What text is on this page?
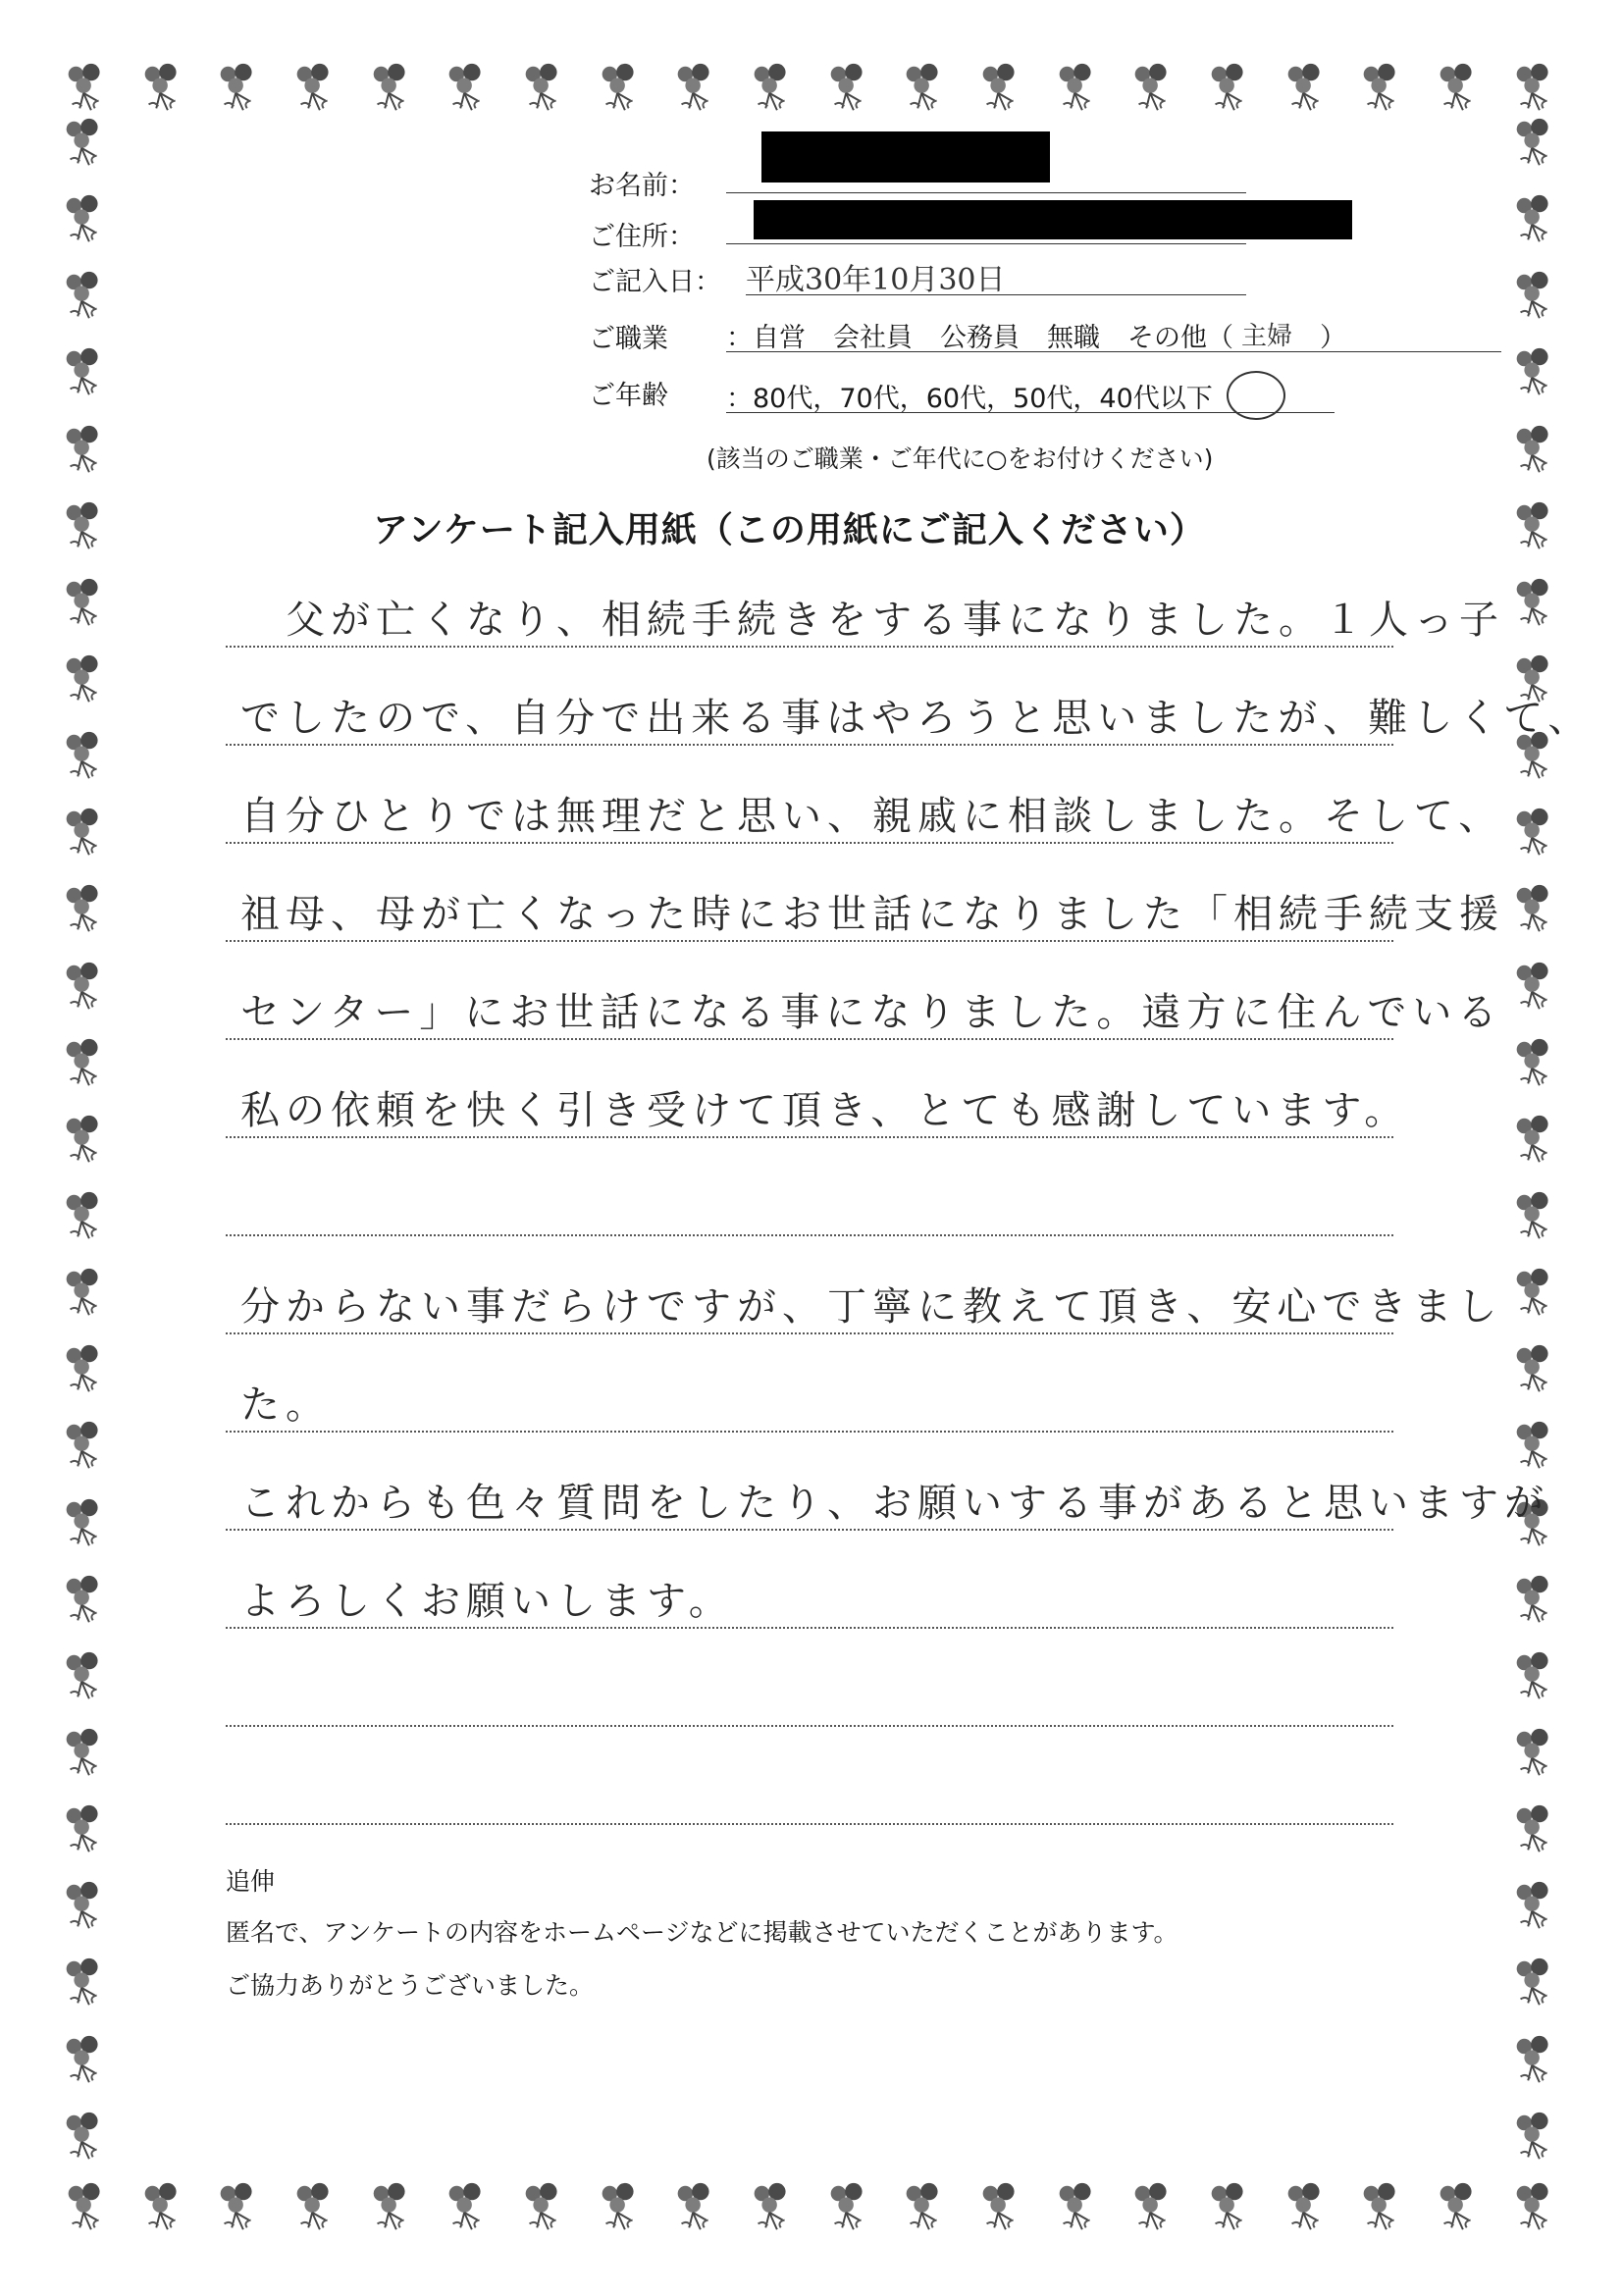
お名前：
ご住所：
ご記入日： 平成30年10月30日
ご職業	：自営 会社員 公務員 無職 その他（ 主婦 ）
ご年齢	：80代，70代，60代，50代，40代以下
(該当のご職業・ご年代に○をお付けください)
アンケート記入用紙（この用紙にご記入ください）
　父が亡くなり、相続手続きをする事になりました。１人っ子
でしたので、自分で出来る事はやろうと思いましたが、難しくて、
自分ひとりでは無理だと思い、親戚に相談しました。そして、
祖母、母が亡くなった時にお世話になりました「相続手続支援
センター」にお世話になる事になりました。遠方に住んでいる
私の依頼を快く引き受けて頂き、とても感謝しています。
分からない事だらけですが、丁寧に教えて頂き、安心できまし
た。
これからも色々質問をしたり、お願いする事があると思いますが
よろしくお願いします。
追伸
匿名で、アンケートの内容をホームページなどに掲載させていただくことがあります。
ご協力ありがとうございました。
